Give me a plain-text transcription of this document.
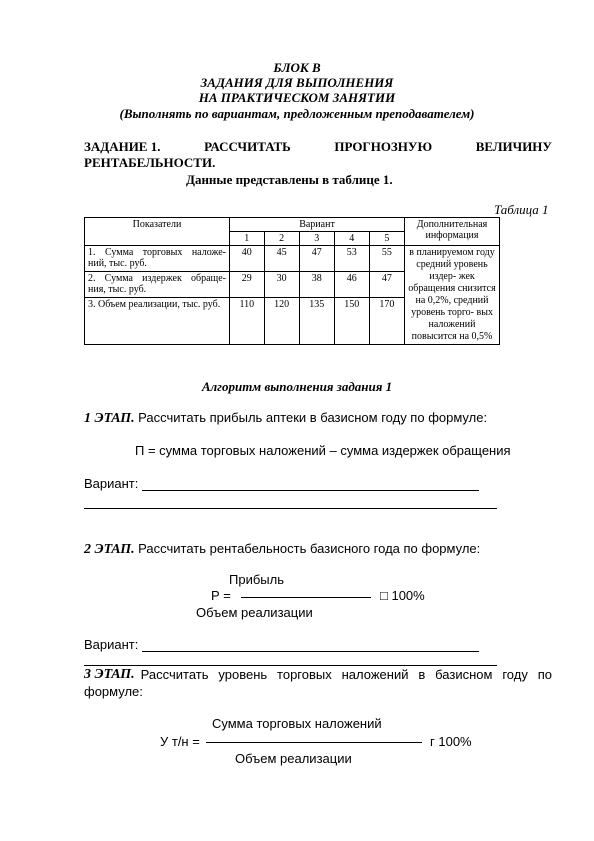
БЛОК В
ЗАДАНИЯ ДЛЯ ВЫПОЛНЕНИЯ
НА ПРАКТИЧЕСКОМ ЗАНЯТИИ
(Выполнять по вариантам, предложенным преподавателем)
ЗАДАНИЕ 1.	РАССЧИТАТЬ	ПРОГНОЗНУЮ	ВЕЛИЧИНУ
РЕНТАБЕЛЬНОСТИ.
Данные представлены в таблице 1.
Таблица 1
Показатели	Вариант					Дополнительная информация
	1	2	3	4	5	
1. Сумма торговых наложе- ний, тыс. руб.	40	45	47	53	55	в планируемом году средний уровень издер- жек обращения снизится на 0,2%, средний уровень торго- вых наложений повысится на 0,5%
2. Сумма издержек обраще- ния, тыс. руб.	29	30	38	46	47	
3. Объем реализации, тыс. руб.	110	120	135	150	170	
Алгоритм выполнения задания 1
1 ЭТАП. Рассчитать прибыль аптеки в базисном году по формуле:
П = сумма торговых наложений – сумма издержек обращения
Вариант:
2 ЭТАП. Рассчитать рентабельность базисного года по формуле:
Прибыль
Р =	□ 100%
Объем реализации
Вариант:
3 ЭТАП. Рассчитать уровень торговых наложений в базисном году по
формуле:
Сумма торговых наложений
У т/н =	г 100%
Объем реализации
